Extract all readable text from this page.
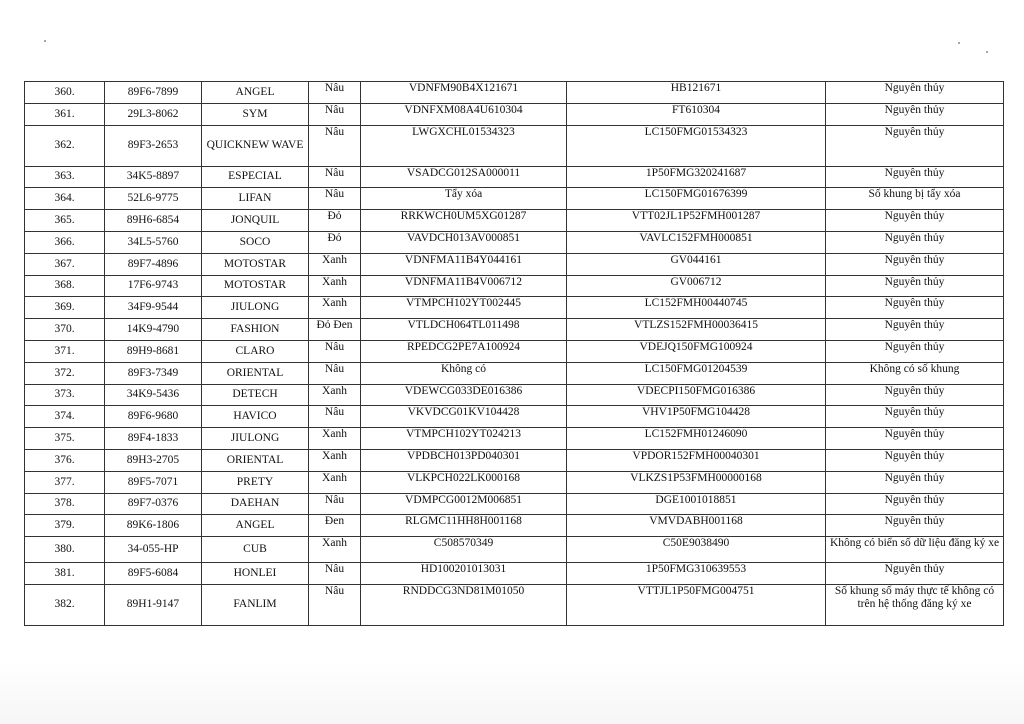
360.	89F6-7899	ANGEL	Nâu	VDNFM90B4X121671	HB121671	Nguyên thủy
361.	29L3-8062	SYM	Nâu	VDNFXM08A4U610304	FT610304	Nguyên thủy
362.	89F3-2653	QUICKNEW WAVE	Nâu	LWGXCHL01534323	LC150FMG01534323	Nguyên thủy
363.	34K5-8897	ESPECIAL	Nâu	VSADCG012SA000011	1P50FMG320241687	Nguyên thủy
364.	52L6-9775	LIFAN	Nâu	Tẩy xóa	LC150FMG01676399	Số khung bị tẩy xóa
365.	89H6-6854	JONQUIL	Đỏ	RRKWCH0UM5XG01287	VTT02JL1P52FMH001287	Nguyên thủy
366.	34L5-5760	SOCO	Đỏ	VAVDCH013AV000851	VAVLC152FMH000851	Nguyên thủy
367.	89F7-4896	MOTOSTAR	Xanh	VDNFMA11B4Y044161	GV044161	Nguyên thủy
368.	17F6-9743	MOTOSTAR	Xanh	VDNFMA11B4V006712	GV006712	Nguyên thủy
369.	34F9-9544	JIULONG	Xanh	VTMPCH102YT002445	LC152FMH00440745	Nguyên thủy
370.	14K9-4790	FASHION	Đỏ Đen	VTLDCH064TL011498	VTLZS152FMH00036415	Nguyên thủy
371.	89H9-8681	CLARO	Nâu	RPEDCG2PE7A100924	VDEJQ150FMG100924	Nguyên thủy
372.	89F3-7349	ORIENTAL	Nâu	Không có	LC150FMG01204539	Không có số khung
373.	34K9-5436	DETECH	Xanh	VDEWCG033DE016386	VDECPI150FMG016386	Nguyên thủy
374.	89F6-9680	HAVICO	Nâu	VKVDCG01KV104428	VHV1P50FMG104428	Nguyên thủy
375.	89F4-1833	JIULONG	Xanh	VTMPCH102YT024213	LC152FMH01246090	Nguyên thủy
376.	89H3-2705	ORIENTAL	Xanh	VPDBCH013PD040301	VPDOR152FMH00040301	Nguyên thủy
377.	89F5-7071	PRETY	Xanh	VLKPCH022LK000168	VLKZS1P53FMH00000168	Nguyên thủy
378.	89F7-0376	DAEHAN	Nâu	VDMPCG0012M006851	DGE1001018851	Nguyên thủy
379.	89K6-1806	ANGEL	Đen	RLGMC11HH8H001168	VMVDABH001168	Nguyên thủy
380.	34-055-HP	CUB	Xanh	C508570349	C50E9038490	Không có biển số dữ liệu đăng ký xe
381.	89F5-6084	HONLEI	Nâu	HD100201013031	1P50FMG310639553	Nguyên thủy
382.	89H1-9147	FANLIM	Nâu	RNDDCG3ND81M01050	VTTJL1P50FMG004751	Số khung số máy thực tế không có trên hệ thống đăng ký xe
